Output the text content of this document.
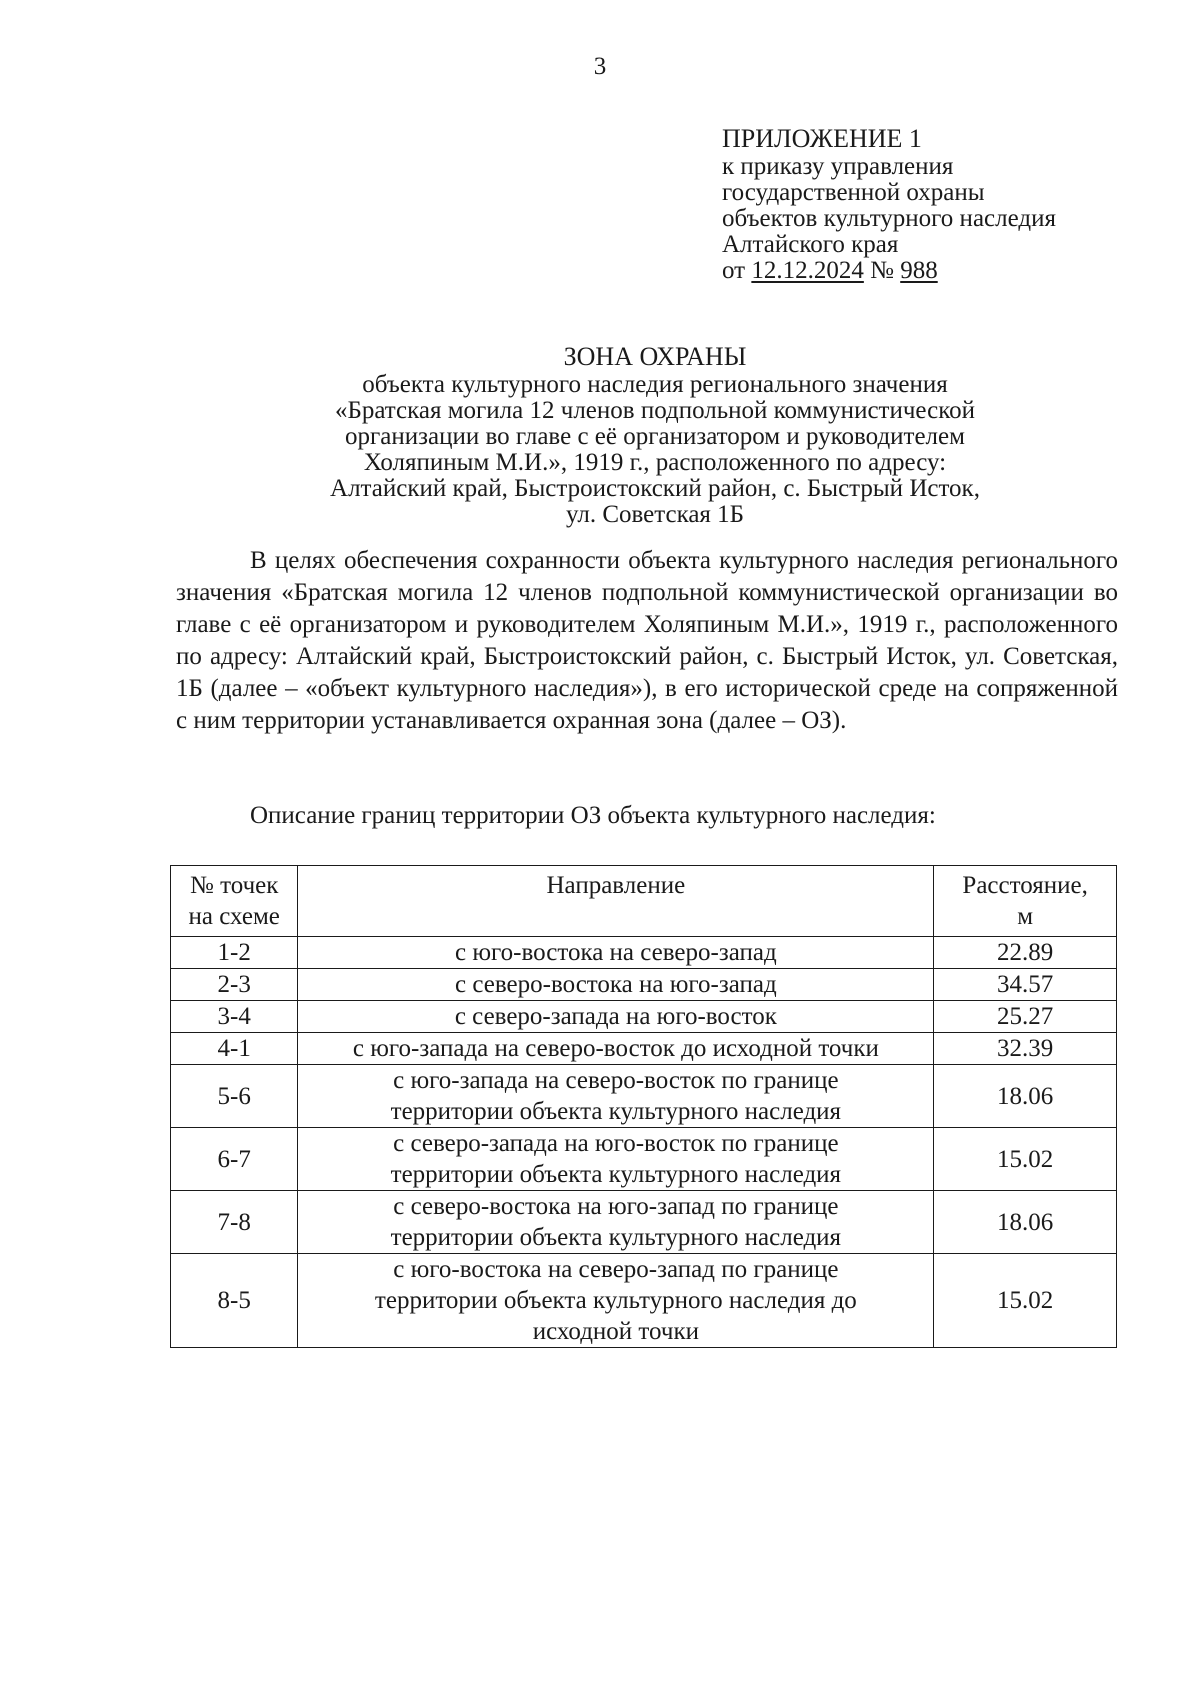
3
ПРИЛОЖЕНИЕ 1
к приказу управления
государственной охраны
объектов культурного наследия
Алтайского края
от 12.12.2024 № 988
ЗОНА ОХРАНЫ
объекта культурного наследия регионального значения
«Братская могила 12 членов подпольной коммунистической
организации во главе с её организатором и руководителем
Холяпиным М.И.», 1919 г., расположенного по адресу:
Алтайский край, Быстроистокский район, с. Быстрый Исток,
ул. Советская 1Б

В целях обеспечения сохранности объекта культурного наследия регионального значения «Братская могила 12 членов подпольной коммунистической организации во главе с её организатором и руководителем Холяпиным М.И.», 1919 г., расположенного по адресу: Алтайский край, Быстроистокский район, с. Быстрый Исток, ул. Советская, 1Б (далее – «объект культурного наследия»), в его исторической среде на сопряженной с ним территории устанавливается охранная зона (далее – ОЗ).

Описание границ территории ОЗ объекта культурного наследия:

№ точек
на схеме	Направление	Расстояние,
м

1-2	с юго-востока на северо-запад	22.89
2-3	с северо-востока на юго-запад	34.57
3-4	с северо-запада на юго-восток	25.27
4-1	с юго-запада на северо-восток до исходной точки	32.39
5-6	с юго-запада на северо-восток по границе
территории объекта культурного наследия	18.06
6-7	с северо-запада на юго-восток по границе
территории объекта культурного наследия	15.02
7-8	с северо-востока на юго-запад по границе
территории объекта культурного наследия	18.06
8-5	с юго-востока на северо-запад по границе
территории объекта культурного наследия до
исходной точки	15.02
